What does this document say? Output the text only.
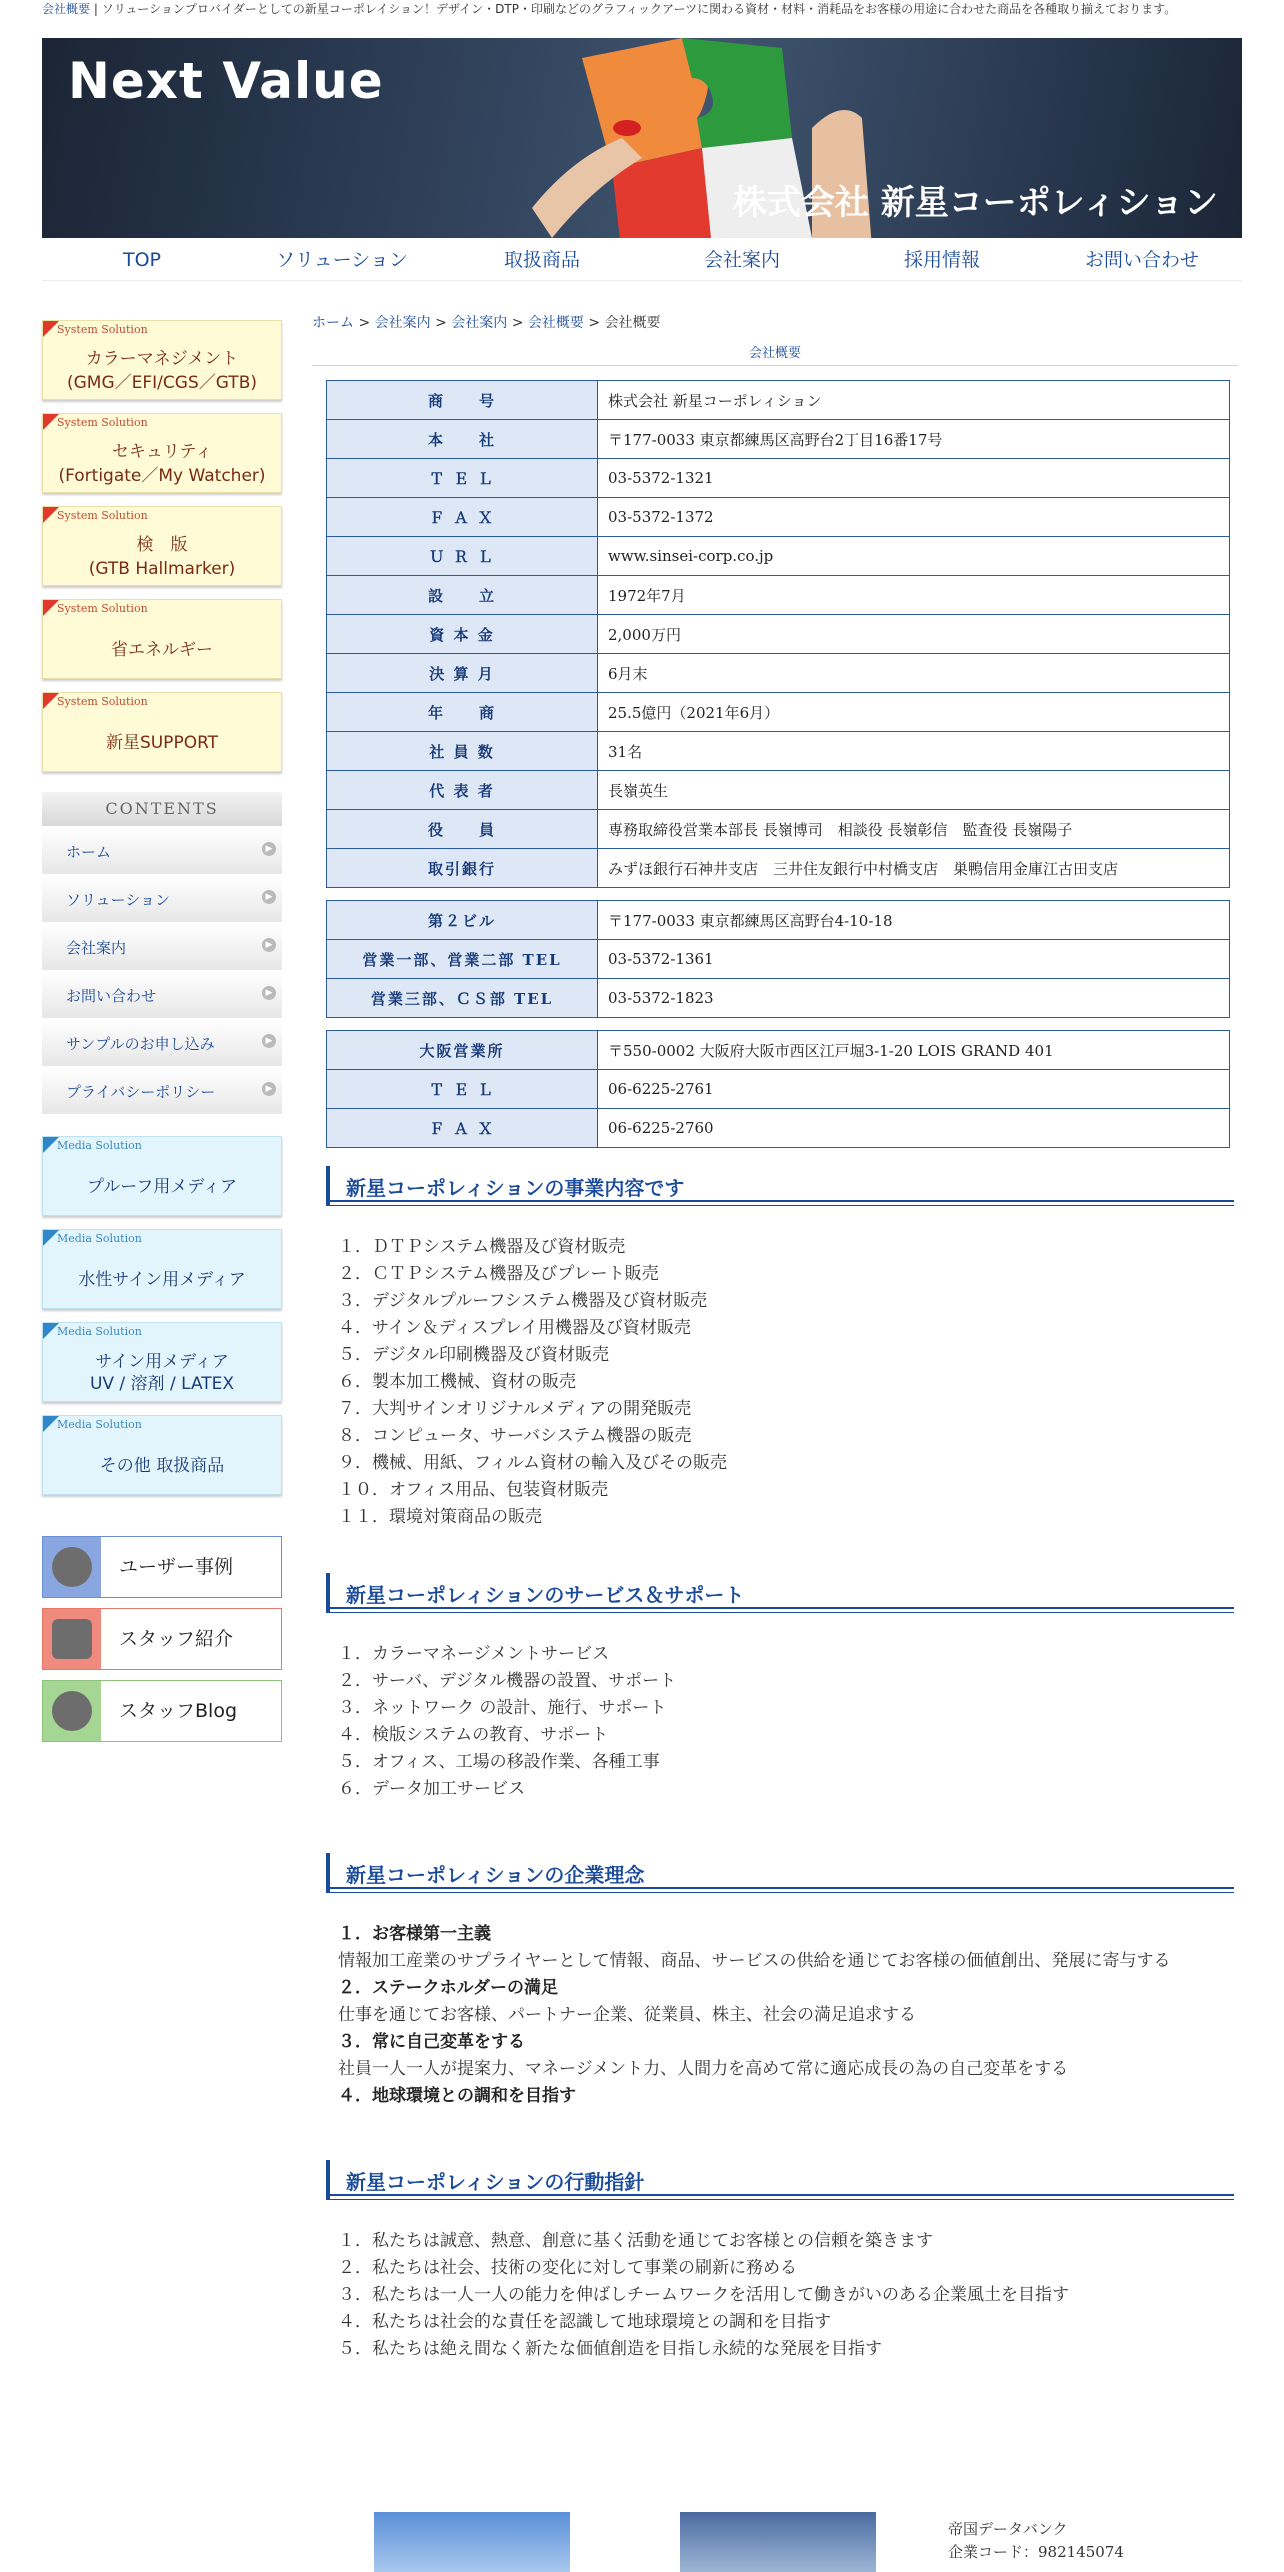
会社概要 | ソリューションプロバイダーとしての新星コーポレイション！デザイン・DTP・印刷などのグラフィックアーツに関わる資材・材料・消耗品をお客様の用途に合わせた商品を各種取り揃えております。
Next Value
株式会社 新星コーポレィション
TOP	ソリューション	取扱商品	会社案内	採用情報	お問い合わせ
System Solution
カラーマネジメント
(GMG／EFI/CGS／GTB)
System Solution
セキュリティ
(Fortigate／My Watcher)
System Solution
検　版
(GTB Hallmarker)
System Solution
省エネルギー
System Solution
新星SUPPORT
CONTENTS
ホーム	▶
ソリューション	▶
会社案内	▶
お問い合わせ	▶
サンプルのお申し込み	▶
プライバシーポリシー	▶
Media Solution
プルーフ用メディア
Media Solution
水性サイン用メディア
Media Solution
サイン用メディア
UV / 溶剤 / LATEX
Media Solution
その他 取扱商品
ユーザー事例
スタッフ紹介
スタッフBlog
ホーム > 会社案内 > 会社案内 > 会社概要 > 会社概要
会社概要
商　　号	株式会社 新星コーポレィション
本　　社	〒177-0033 東京都練馬区高野台2丁目16番17号
Ｔ Ｅ Ｌ	03-5372-1321
Ｆ Ａ Ｘ	03-5372-1372
Ｕ Ｒ Ｌ	www.sinsei-corp.co.jp
設　　立	1972年7月
資 本 金	2,000万円
決 算 月	6月末
年　　商	25.5億円（2021年6月）
社 員 数	31名
代 表 者	長嶺英生
役　　員	専務取締役営業本部長 長嶺博司　相談役 長嶺彰信　監査役 長嶺陽子
取引銀行	みずほ銀行石神井支店　三井住友銀行中村橋支店　巣鴨信用金庫江古田支店
第２ビル	〒177-0033 東京都練馬区高野台4-10-18
営業一部、営業二部 TEL	03-5372-1361
営業三部、ＣＳ部 TEL	03-5372-1823
大阪営業所	〒550-0002 大阪府大阪市西区江戸堀3-1-20 LOIS GRAND 401
Ｔ Ｅ Ｌ	06-6225-2761
Ｆ Ａ Ｘ	06-6225-2760
新星コーポレィションの事業内容です
１．ＤＴＰシステム機器及び資材販売
２．ＣＴＰシステム機器及びプレート販売
３．デジタルプルーフシステム機器及び資材販売
４．サイン＆ディスプレイ用機器及び資材販売
５．デジタル印刷機器及び資材販売
６．製本加工機械、資材の販売
７．大判サインオリジナルメディアの開発販売
８．コンピュータ、サーバシステム機器の販売
９．機械、用紙、フィルム資材の輸入及びその販売
１０．オフィス用品、包装資材販売
１１．環境対策商品の販売
新星コーポレィションのサービス＆サポート
１．カラーマネージメントサービス
２．サーバ、デジタル機器の設置、サポート
３．ネットワーク の設計、施行、サポート
４．検版システムの教育、サポート
５．オフィス、工場の移設作業、各種工事
６．データ加工サービス
新星コーポレィションの企業理念
１．お客様第一主義
情報加工産業のサプライヤーとして情報、商品、サービスの供給を通じてお客様の価値創出、発展に寄与する
２．ステークホルダーの満足
仕事を通じてお客様、パートナー企業、従業員、株主、社会の満足追求する
３．常に自己変革をする
社員一人一人が提案力、マネージメント力、人間力を高めて常に適応成長の為の自己変革をする
４．地球環境との調和を目指す
新星コーポレィションの行動指針
１．私たちは誠意、熱意、創意に基く活動を通じてお客様との信頼を築きます
２．私たちは社会、技術の変化に対して事業の刷新に務める
３．私たちは一人一人の能力を伸ばしチームワークを活用して働きがいのある企業風土を目指す
４．私たちは社会的な責任を認識して地球環境との調和を目指す
５．私たちは絶え間なく新たな価値創造を目指し永続的な発展を目指す
帝国データバンク
企業コード：982145074
